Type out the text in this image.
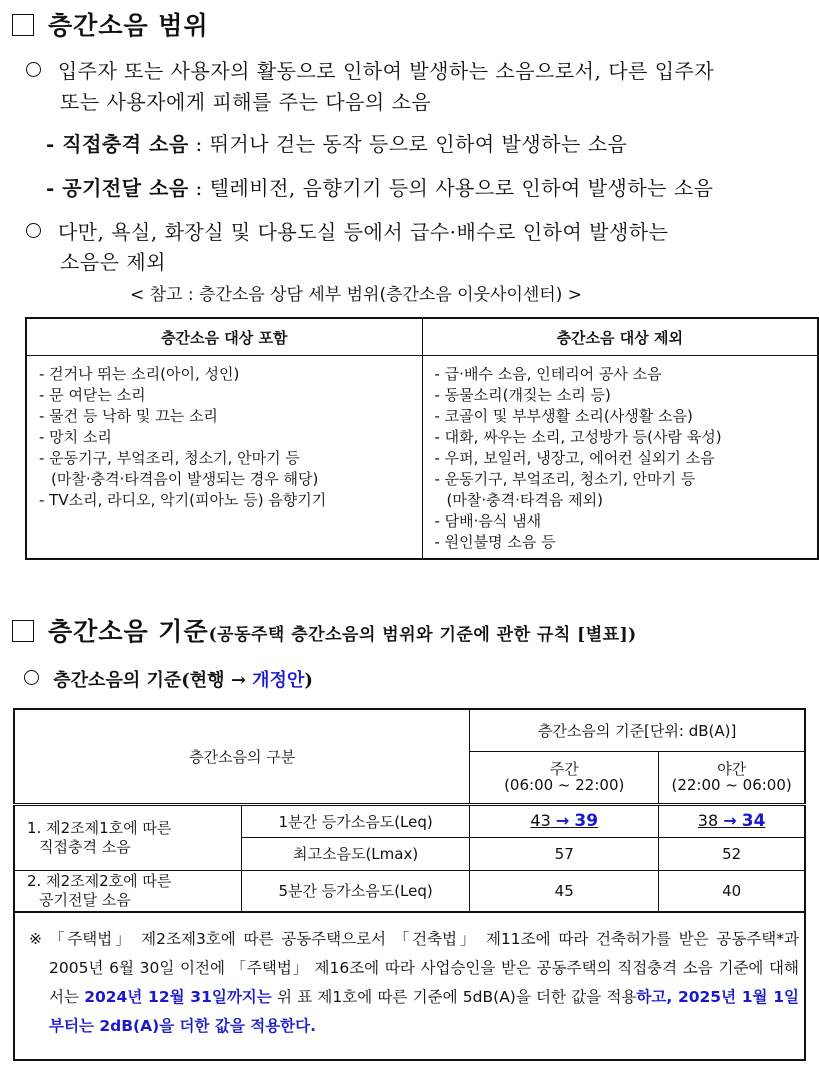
층간소음 범위
입주자 또는 사용자의 활동으로 인하여 발생하는 소음으로서, 다른 입주자
또는 사용자에게 피해를 주는 다음의 소음
- 직접충격 소음 : 뛰거나 걷는 동작 등으로 인하여 발생하는 소음
- 공기전달 소음 : 텔레비전, 음향기기 등의 사용으로 인하여 발생하는 소음
다만, 욕실, 화장실 및 다용도실 등에서 급수·배수로 인하여 발생하는
소음은 제외
< 참고 : 층간소음 상담 세부 범위(층간소음 이웃사이센터) >
층간소음 대상 포함	층간소음 대상 제외

- 걷거나 뛰는 소리(아이, 성인)
- 문 여닫는 소리
- 물건 등 낙하 및 끄는 소리
- 망치 소리
- 운동기구, 부엌조리, 청소기, 안마기 등
(마찰·충격·타격음이 발생되는 경우 해당)
- TV소리, 라디오, 악기(피아노 등) 음향기기

- 급·배수 소음, 인테리어 공사 소음
- 동물소리(개짖는 소리 등)
- 코골이 및 부부생활 소리(사생활 소음)
- 대화, 싸우는 소리, 고성방가 등(사람 육성)
- 우퍼, 보일러, 냉장고, 에어컨 실외기 소음
- 운동기구, 부엌조리, 청소기, 안마기 등
(마찰·충격·타격음 제외)
- 담배·음식 냄새
- 원인불명 소음 등
층간소음 기준(공동주택 층간소음의 범위와 기준에 관한 규칙 [별표])
층간소음의 기준(현행 → 개정안)
층간소음의 구분		층간소음의 기준[단위: dB(A)]	

주간
(06:00 ~ 22:00)

야간
(22:00 ~ 06:00)

1. 제2조제1호에 따른
직접충격 소음	1분간 등가소음도(Leq)	43 → 39	38 → 34
	최고소음도(Lmax)	57	52

2. 제2조제2호에 따른
공기전달 소음	5분간 등가소음도(Leq)	45	40
※ 「주택법」 제2조제3호에 따른 공동주택으로서 「건축법」 제11조에 따라 건축허가를 받은 공동주택*과 2005년 6월 30일 이전에 「주택법」 제16조에 따라 사업승인을 받은 공동주택의 직접충격 소음 기준에 대해서는 2024년 12월 31일까지는 위 표 제1호에 따른 기준에 5dB(A)을 더한 값을 적용하고, 2025년 1월 1일 부터는 2dB(A)을 더한 값을 적용한다.
